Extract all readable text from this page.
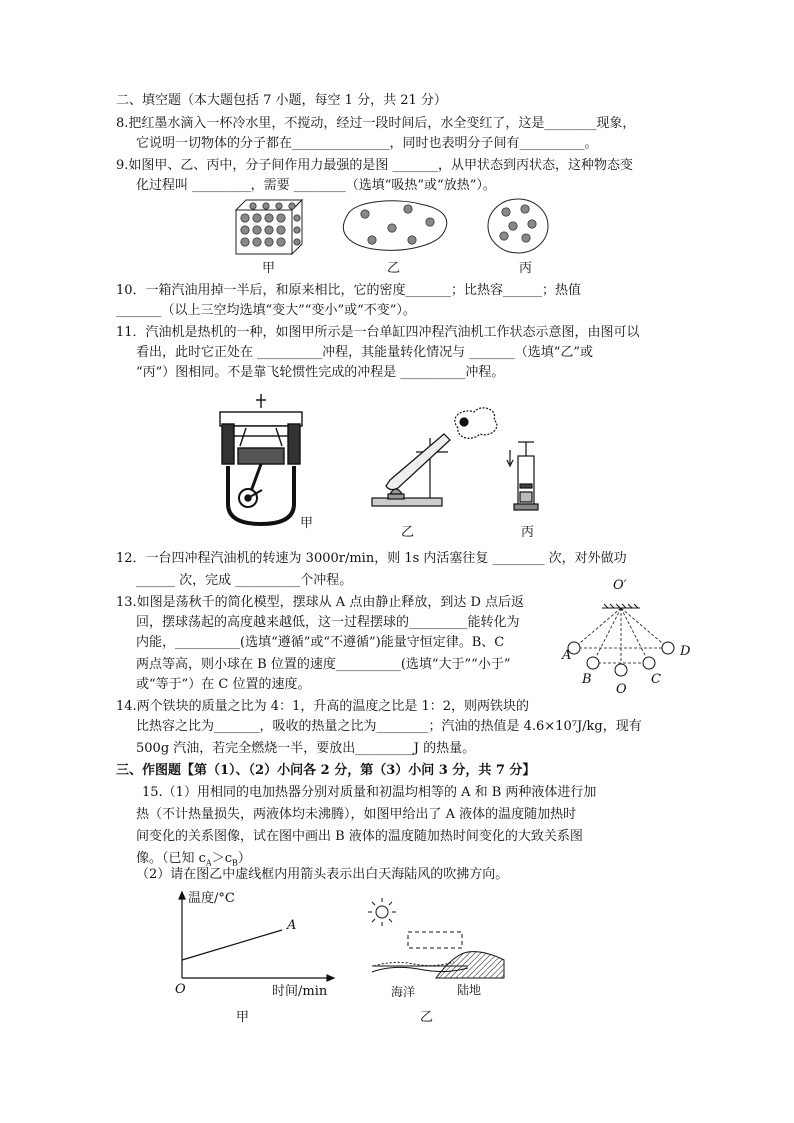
二、填空题（本大题包括 7 小题，每空 1 分，共 21 分）
8.把红墨水滴入一杯冷水里，不搅动，经过一段时间后，水全变红了，这是________现象，
它说明一切物体的分子都在_______________，同时也表明分子间有__________。
9.如图甲、乙、丙中，分子间作用力最强的是图 _______，从甲状态到丙状态，这种物态变
化过程叫 _________，需要 ________（选填“吸热”或“放热”）。
甲	乙	丙
10．一箱汽油用掉一半后，和原来相比，它的密度_______；比热容______；热值
_______（以上三空均选填“变大”“变小”或“不变”）。
11．汽油机是热机的一种，如图甲所示是一台单缸四冲程汽油机工作状态示意图，由图可以
看出，此时它正处在 __________冲程，其能量转化情况与 _______（选填“乙”或
“丙”）图相同。不是靠飞轮惯性完成的冲程是 __________冲程。
甲
乙	丙
12．一台四冲程汽油机的转速为 3000r/min，则 1s 内活塞往复 ________ 次，对外做功
______ 次，完成 __________个冲程。
13.如图是荡秋千的简化模型，摆球从 A 点由静止释放，到达 D 点后返
回，摆球荡起的高度越来越低，这一过程摆球的_________能转化为
内能，__________(选填“遵循”或“不遵循”)能量守恒定律。B、C
两点等高，则小球在 B 位置的速度__________(选填“大于”“小于”
或“等于”）在 C 位置的速度。
O′
A
B
O
C
D
14.两个铁块的质量之比为 4：1，升高的温度之比是 1：2，则两铁块的
比热容之比为_______，吸收的热量之比为________；汽油的热值是 4.6×10⁷J/kg，现有
500g 汽油，若完全燃烧一半，要放出_________J 的热量。
三、作图题【第（1）、（2）小问各 2 分，第（3）小问 3 分，共 7 分】
15.（1）用相同的电加热器分别对质量和初温均相等的 A 和 B 两种液体进行加
热（不计热量损失，两液体均未沸腾），如图甲给出了 A 液体的温度随加热时
间变化的关系图像，试在图中画出 B 液体的温度随加热时间变化的大致关系图
像。（已知 $c_A>c_B$）
（2）请在图乙中虚线框内用箭头表示出白天海陆风的吹拂方向。
温度/°C
A
O	时间/min
甲
海洋	陆地
乙
